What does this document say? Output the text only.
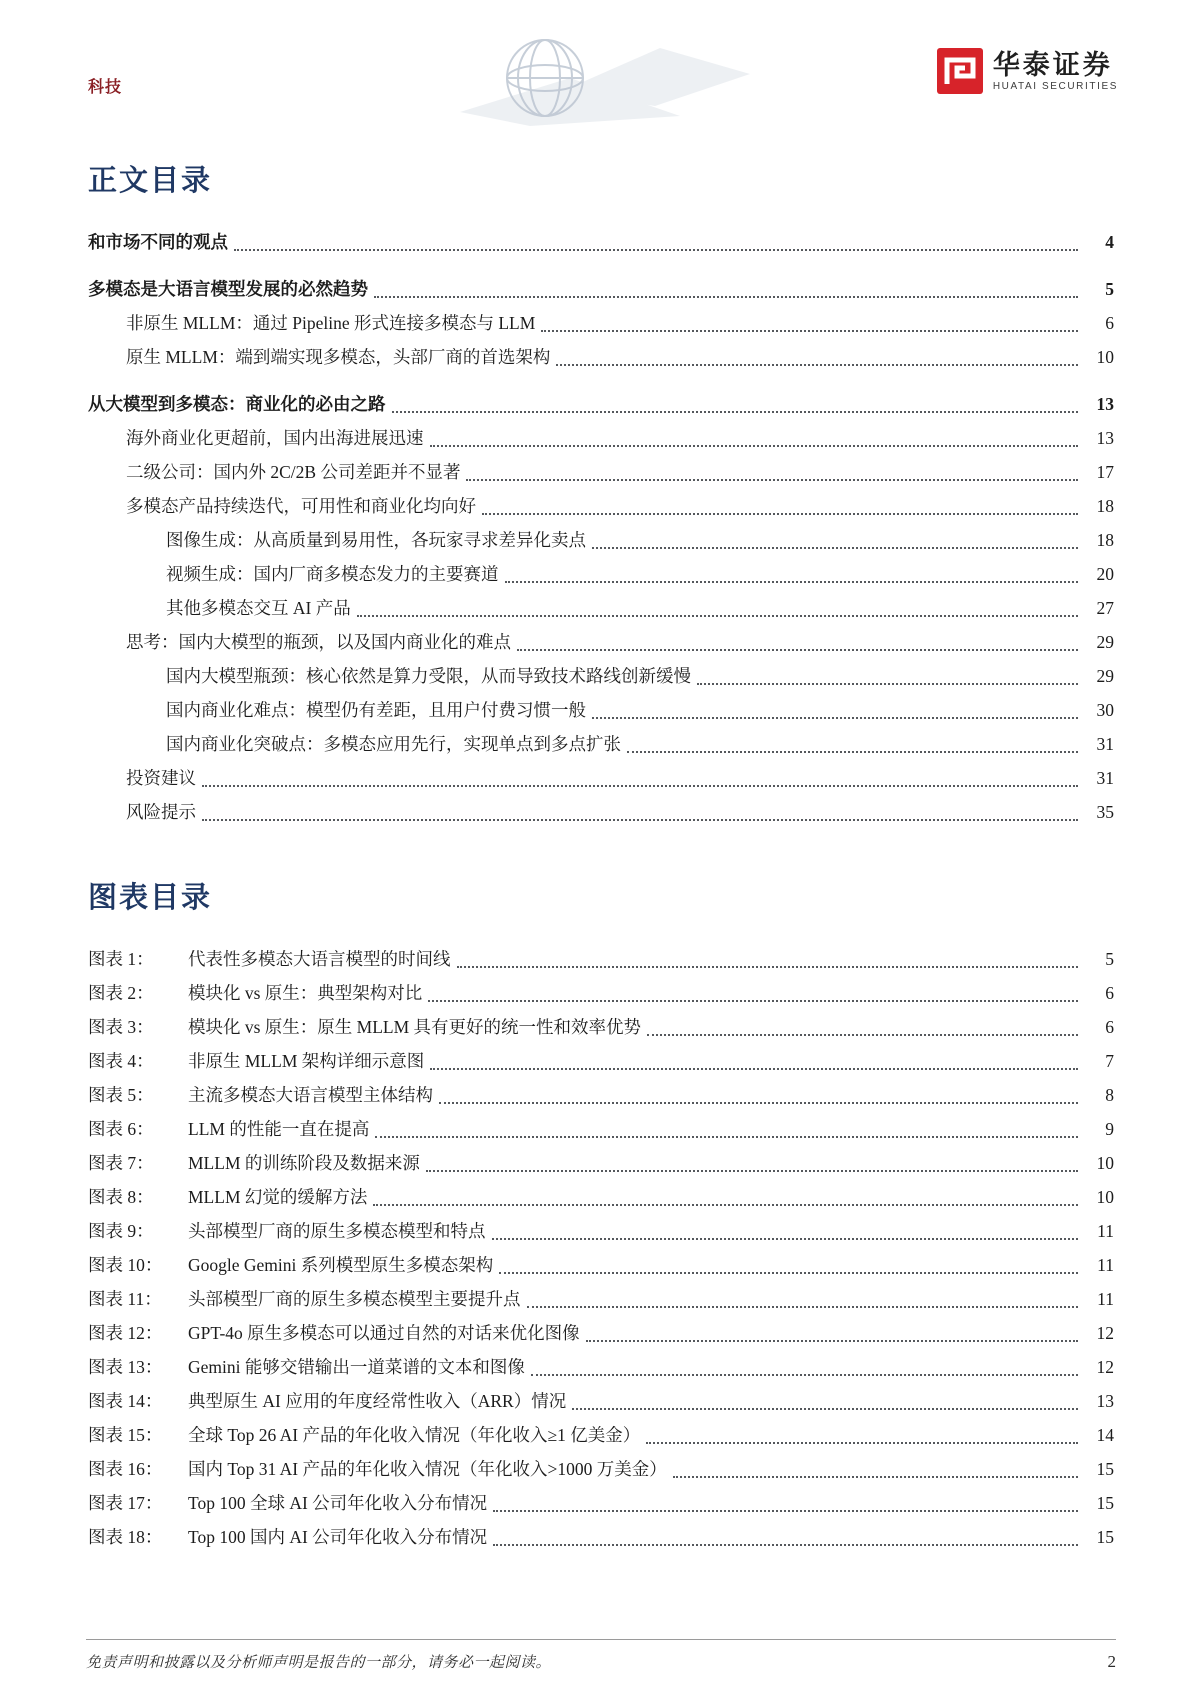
科技
华泰证券
HUATAI SECURITIES
正文目录
和市场不同的观点	4
多模态是大语言模型发展的必然趋势	5
非原生 MLLM：通过 Pipeline 形式连接多模态与 LLM	6
原生 MLLM：端到端实现多模态，头部厂商的首选架构	10
从大模型到多模态：商业化的必由之路	13
海外商业化更超前，国内出海进展迅速	13
二级公司：国内外 2C/2B 公司差距并不显著	17
多模态产品持续迭代，可用性和商业化均向好	18
图像生成：从高质量到易用性，各玩家寻求差异化卖点	18
视频生成：国内厂商多模态发力的主要赛道	20
其他多模态交互 AI 产品	27
思考：国内大模型的瓶颈，以及国内商业化的难点	29
国内大模型瓶颈：核心依然是算力受限，从而导致技术路线创新缓慢	29
国内商业化难点：模型仍有差距，且用户付费习惯一般	30
国内商业化突破点：多模态应用先行，实现单点到多点扩张	31
投资建议	31
风险提示	35
图表目录
图表 1：	代表性多模态大语言模型的时间线	5
图表 2：	模块化 vs 原生：典型架构对比	6
图表 3：	模块化 vs 原生：原生 MLLM 具有更好的统一性和效率优势	6
图表 4：	非原生 MLLM 架构详细示意图	7
图表 5：	主流多模态大语言模型主体结构	8
图表 6：	LLM 的性能一直在提高	9
图表 7：	MLLM 的训练阶段及数据来源	10
图表 8：	MLLM 幻觉的缓解方法	10
图表 9：	头部模型厂商的原生多模态模型和特点	11
图表 10：	Google Gemini 系列模型原生多模态架构	11
图表 11：	头部模型厂商的原生多模态模型主要提升点	11
图表 12：	GPT-4o 原生多模态可以通过自然的对话来优化图像	12
图表 13：	Gemini 能够交错输出一道菜谱的文本和图像	12
图表 14：	典型原生 AI 应用的年度经常性收入（ARR）情况	13
图表 15：	全球 Top 26 AI 产品的年化收入情况（年化收入≥1 亿美金）	14
图表 16：	国内 Top 31 AI 产品的年化收入情况（年化收入>1000 万美金）	15
图表 17：	Top 100 全球 AI 公司年化收入分布情况	15
图表 18：	Top 100 国内 AI 公司年化收入分布情况	15
免责声明和披露以及分析师声明是报告的一部分，请务必一起阅读。	2
